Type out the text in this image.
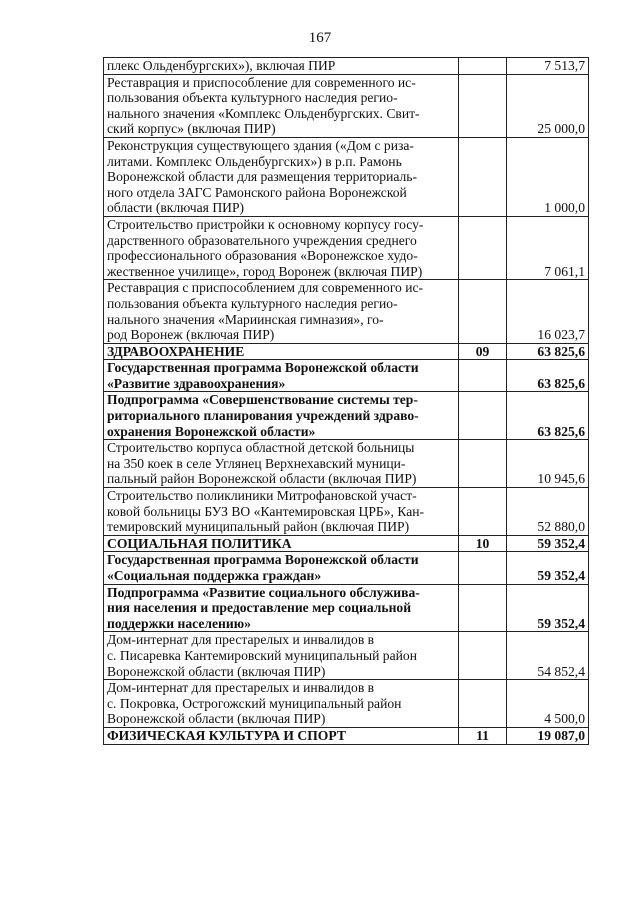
167
плекс Ольденбургских»), включая ПИР		7 513,7
Реставрация и приспособление для современного ис-
пользования объекта культурного наследия регио-
нального значения «Комплекс Ольденбургских. Свит-
ский корпус» (включая ПИР)		25 000,0
Реконструкция существующего здания («Дом с риза-
литами. Комплекс Ольденбургских») в р.п. Рамонь
Воронежской области для размещения территориаль-
ного отдела ЗАГС Рамонского района Воронежской
области (включая ПИР)		1 000,0
Строительство пристройки к основному корпусу госу-
дарственного образовательного учреждения среднего
профессионального образования «Воронежское худо-
жественное училище», город Воронеж (включая ПИР)		7 061,1
Реставрация с приспособлением для современного ис-
пользования объекта культурного наследия регио-
нального значения «Мариинская гимназия», го-
род Воронеж (включая ПИР)		16 023,7
ЗДРАВООХРАНЕНИЕ	09	63 825,6
Государственная программа Воронежской области
«Развитие здравоохранения»		63 825,6
Подпрограмма «Совершенствование системы тер-
риториального планирования учреждений здраво-
охранения Воронежской области»		63 825,6
Строительство корпуса областной детской больницы
на 350 коек в селе Углянец Верхнехавский муници-
пальный район Воронежской области (включая ПИР)		10 945,6
Строительство поликлиники Митрофановской участ-
ковой больницы БУЗ ВО «Кантемировская ЦРБ», Кан-
темировский муниципальный район (включая ПИР)		52 880,0
СОЦИАЛЬНАЯ ПОЛИТИКА	10	59 352,4
Государственная программа Воронежской области
«Социальная поддержка граждан»		59 352,4
Подпрограмма «Развитие социального обслужива-
ния населения и предоставление мер социальной
поддержки населению»		59 352,4
Дом-интернат для престарелых и инвалидов в
с. Писаревка Кантемировский муниципальный район
Воронежской области (включая ПИР)		54 852,4
Дом-интернат для престарелых и инвалидов в
с. Покровка, Острогожский муниципальный район
Воронежской области (включая ПИР)		4 500,0
ФИЗИЧЕСКАЯ КУЛЬТУРА И СПОРТ	11	19 087,0
